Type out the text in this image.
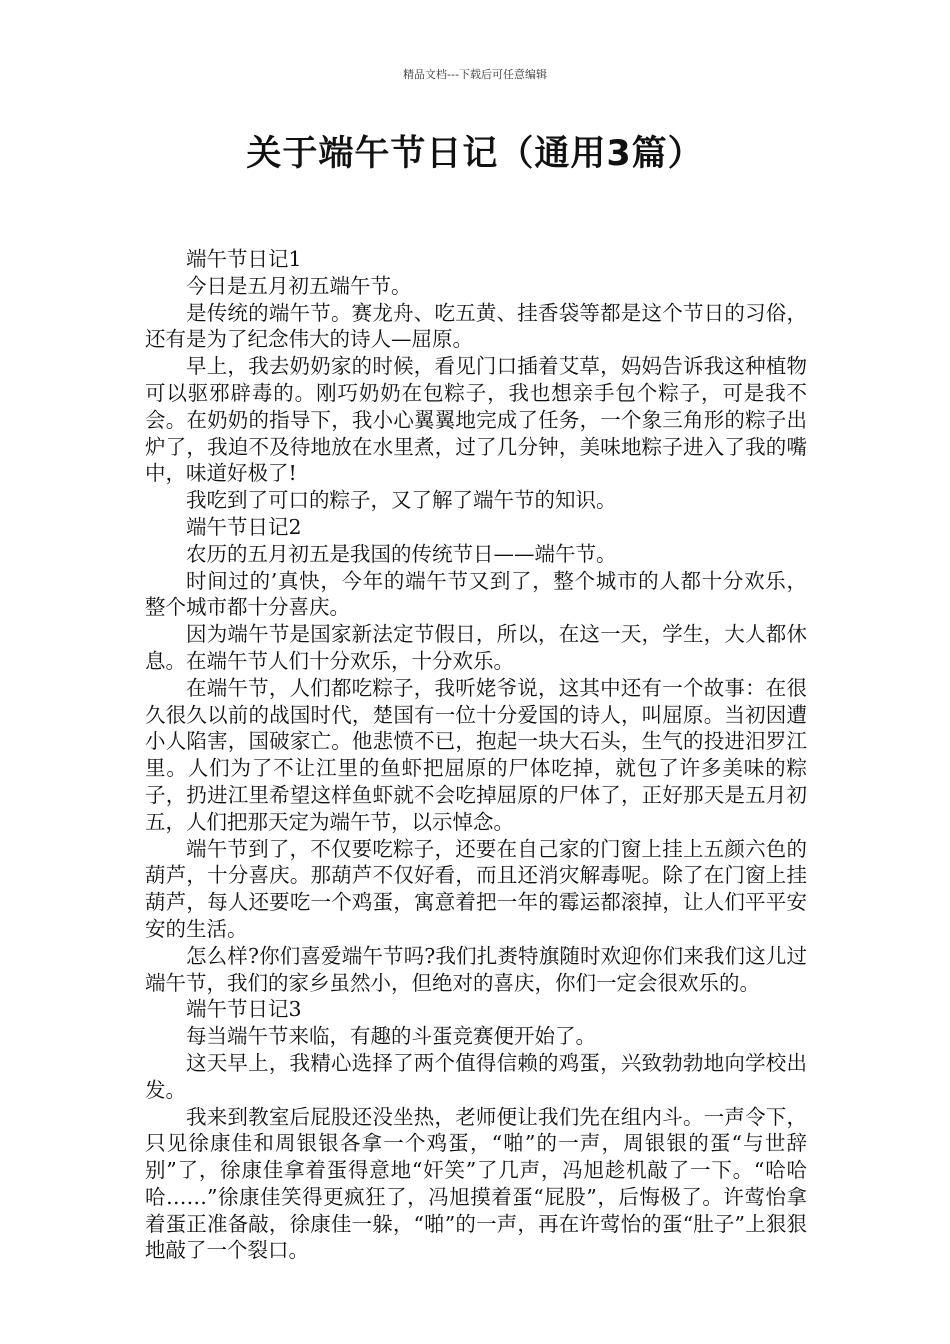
精品文档---下载后可任意编辑
关于端午节日记（通用3篇）

端午节日记1

今日是五月初五端午节。

是传统的端午节。赛龙舟、吃五黄、挂香袋等都是这个节日的习俗，还有是为了纪念伟大的诗人—屈原。

早上，我去奶奶家的时候，看见门口插着艾草，妈妈告诉我这种植物可以驱邪辟毒的。刚巧奶奶在包粽子，我也想亲手包个粽子，可是我不会。在奶奶的指导下，我小心翼翼地完成了任务，一个象三角形的粽子出炉了，我迫不及待地放在水里煮，过了几分钟，美味地粽子进入了我的嘴中，味道好极了!

我吃到了可口的粽子，又了解了端午节的知识。

端午节日记2

农历的五月初五是我国的传统节日——端午节。

时间过的’真快，今年的端午节又到了，整个城市的人都十分欢乐，整个城市都十分喜庆。

因为端午节是国家新法定节假日，所以，在这一天，学生，大人都休息。在端午节人们十分欢乐，十分欢乐。

在端午节，人们都吃粽子，我听姥爷说，这其中还有一个故事：在很久很久以前的战国时代，楚国有一位十分爱国的诗人，叫屈原。当初因遭小人陷害，国破家亡。他悲愤不已，抱起一块大石头，生气的投进汨罗江里。人们为了不让江里的鱼虾把屈原的尸体吃掉，就包了许多美味的粽子，扔进江里希望这样鱼虾就不会吃掉屈原的尸体了，正好那天是五月初五，人们把那天定为端午节，以示悼念。

端午节到了，不仅要吃粽子，还要在自己家的门窗上挂上五颜六色的葫芦，十分喜庆。那葫芦不仅好看，而且还消灾解毒呢。除了在门窗上挂葫芦，每人还要吃一个鸡蛋，寓意着把一年的霉运都滚掉，让人们平平安安的生活。

怎么样?你们喜爱端午节吗?我们扎赉特旗随时欢迎你们来我们这儿过端午节，我们的家乡虽然小，但绝对的喜庆，你们一定会很欢乐的。

端午节日记3

每当端午节来临，有趣的斗蛋竞赛便开始了。

这天早上，我精心选择了两个值得信赖的鸡蛋，兴致勃勃地向学校出发。

我来到教室后屁股还没坐热，老师便让我们先在组内斗。一声令下，只见徐康佳和周银银各拿一个鸡蛋，“啪”的一声，周银银的蛋“与世辞别”了，徐康佳拿着蛋得意地“奸笑”了几声，冯旭趁机敲了一下。“哈哈哈……”徐康佳笑得更疯狂了，冯旭摸着蛋“屁股”，后悔极了。许莺怡拿着蛋正准备敲，徐康佳一躲，“啪”的一声，再在许莺怡的蛋“肚子”上狠狠地敲了一个裂口。
